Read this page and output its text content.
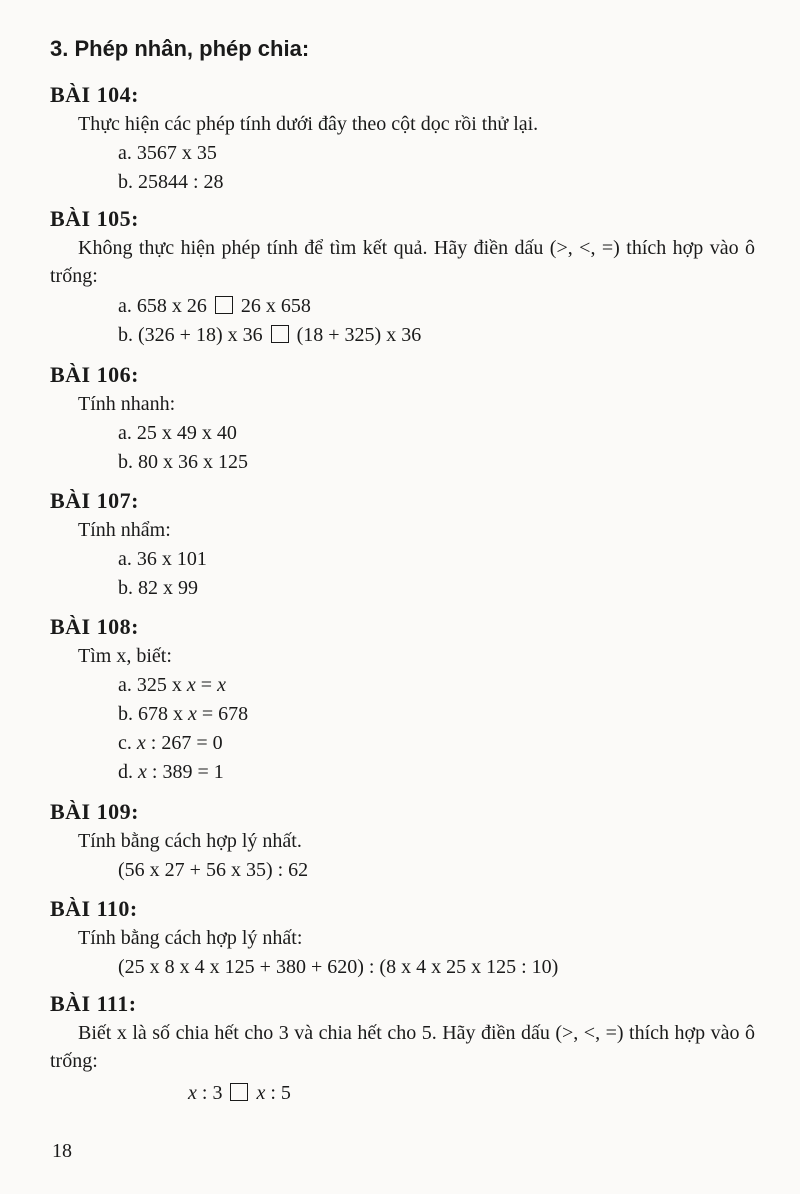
3. Phép nhân, phép chia:
BÀI 104:
Thực hiện các phép tính dưới đây theo cột dọc rồi thử lại.
a. 3567 x 35
b. 25844 : 28
BÀI 105:

Không thực hiện phép tính để tìm kết quả. Hãy điền dấu (>, <, =) thích hợp vào ô trống:

a. 658 x 26 26 x 658
b. (326 + 18) x 36 (18 + 325) x 36
BÀI 106:
Tính nhanh:
a. 25 x 49 x 40
b. 80 x 36 x 125
BÀI 107:
Tính nhẩm:
a. 36 x 101
b. 82 x 99
BÀI 108:
Tìm x, biết:
a. 325 x x = x
b. 678 x x = 678
c. x : 267 = 0
d. x : 389 = 1
BÀI 109:
Tính bằng cách hợp lý nhất.
(56 x 27 + 56 x 35) : 62
BÀI 110:
Tính bằng cách hợp lý nhất:
(25 x 8 x 4 x 125 + 380 + 620) : (8 x 4 x 25 x 125 : 10)
BÀI 111:

Biết x là số chia hết cho 3 và chia hết cho 5. Hãy điền dấu (>, <, =) thích hợp vào ô trống:

x : 3 x : 5
18
